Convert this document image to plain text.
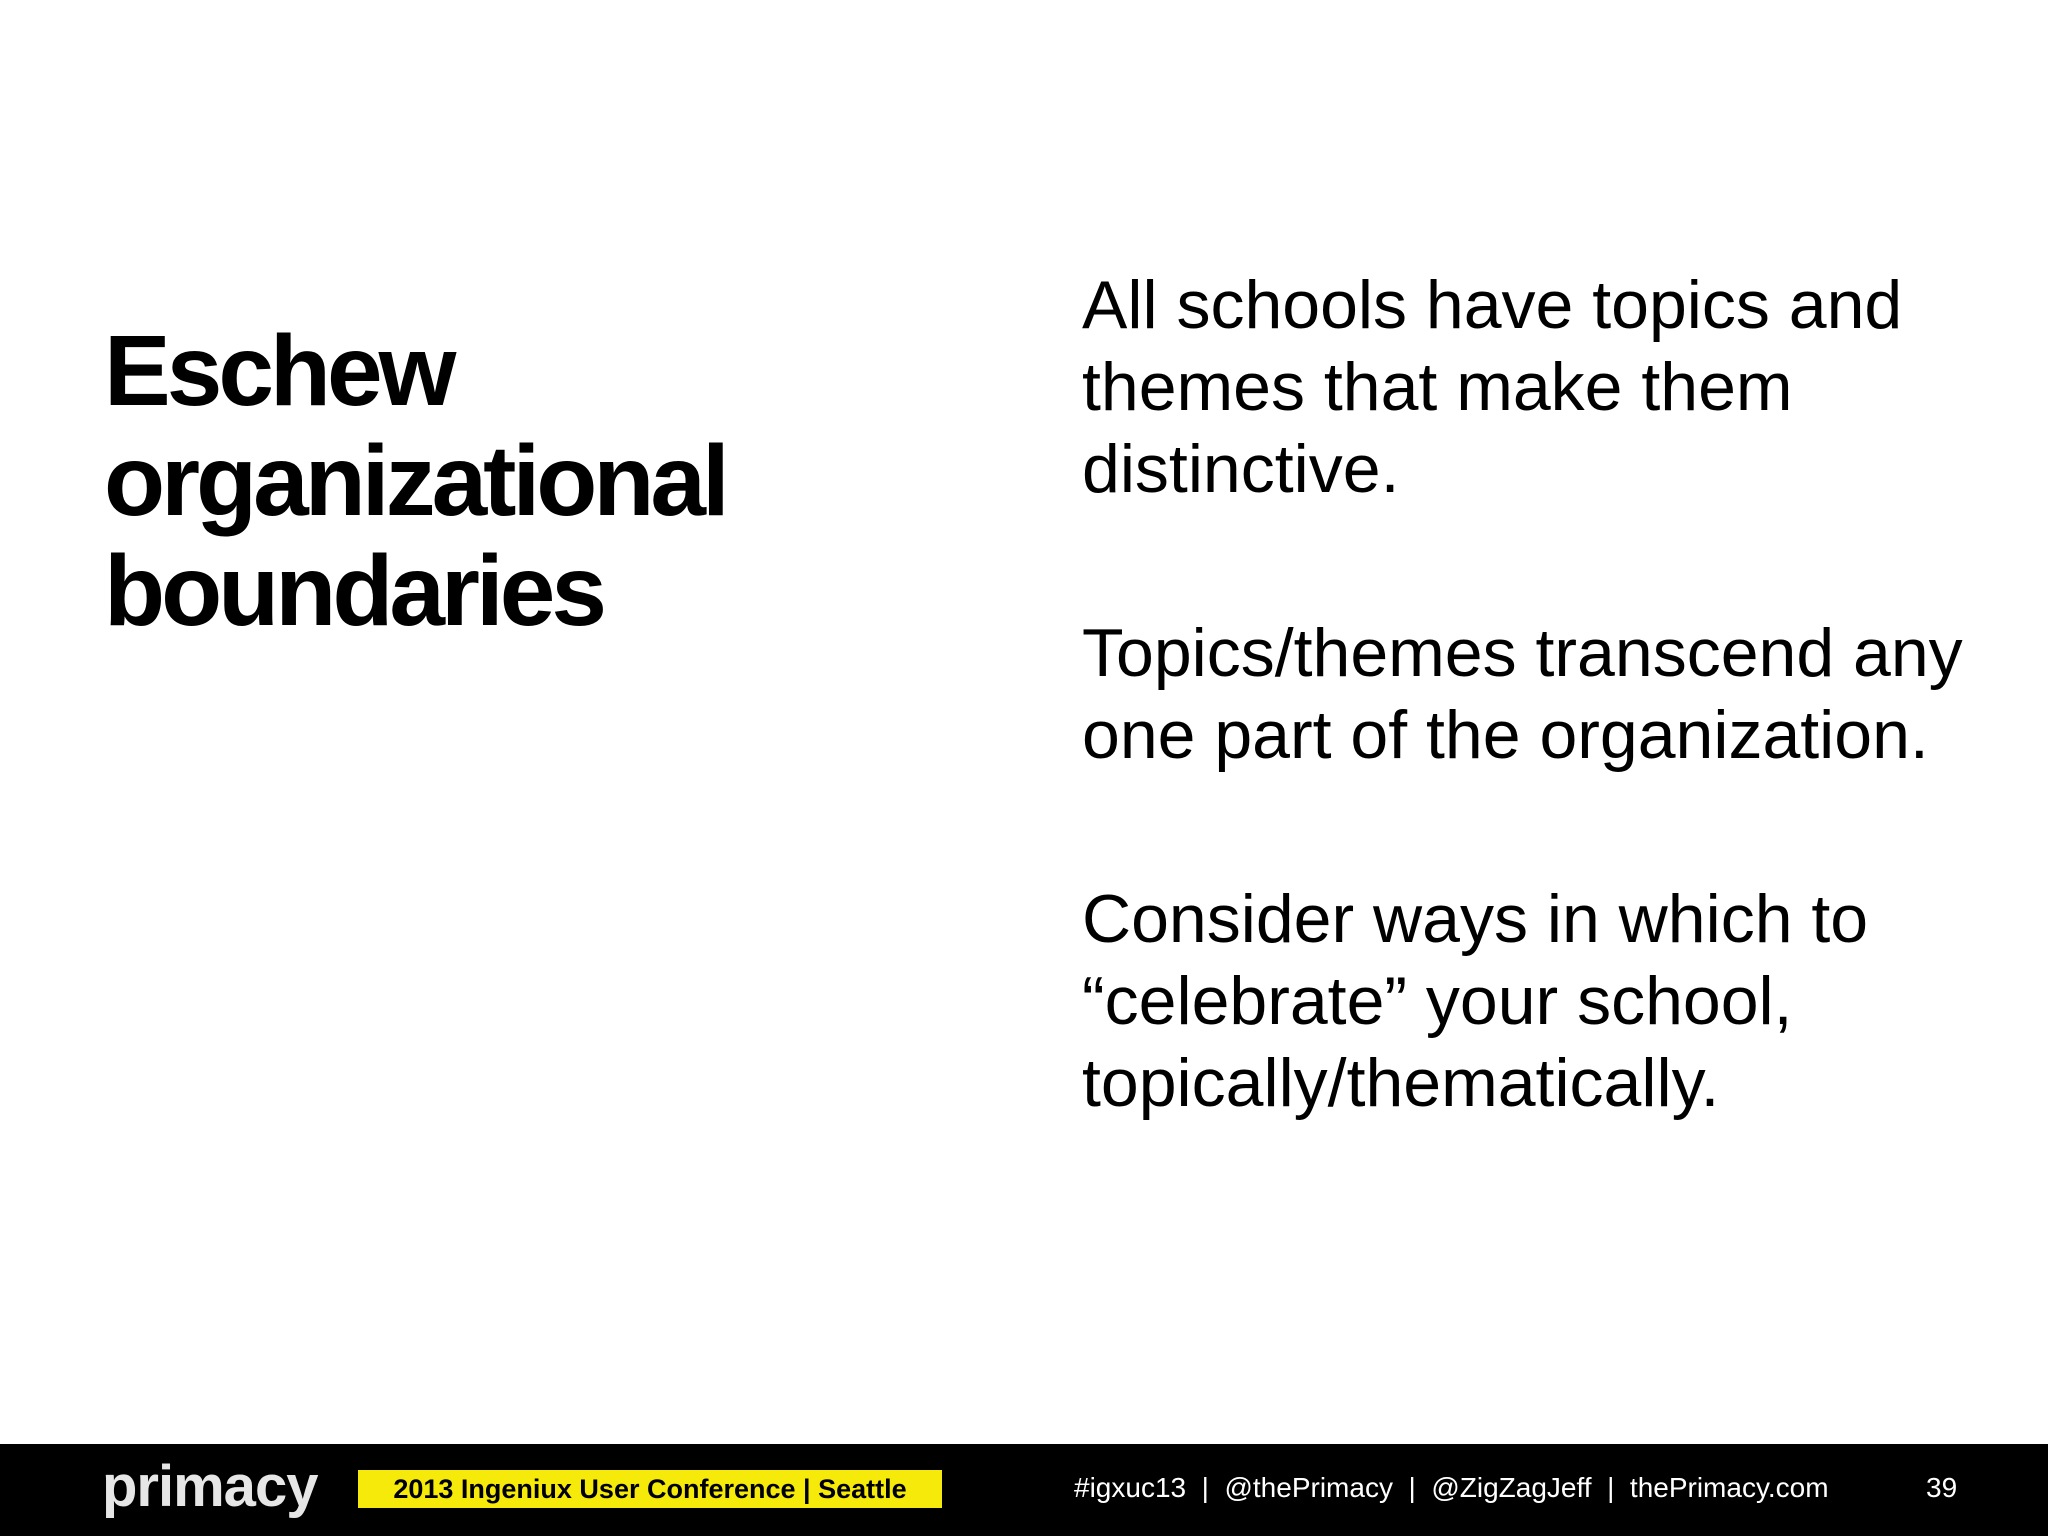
Eschew
organizational
boundaries

All schools have topics and themes that make them distinctive.

Topics/themes transcend any one part of the organization.

Consider ways in which to “celebrate” your school, topically/thematically.

primacy	2013 Ingeniux User Conference | Seattle	#igxuc13  |  @thePrimacy  |  @ZigZagJeff  |  thePrimacy.com	39
